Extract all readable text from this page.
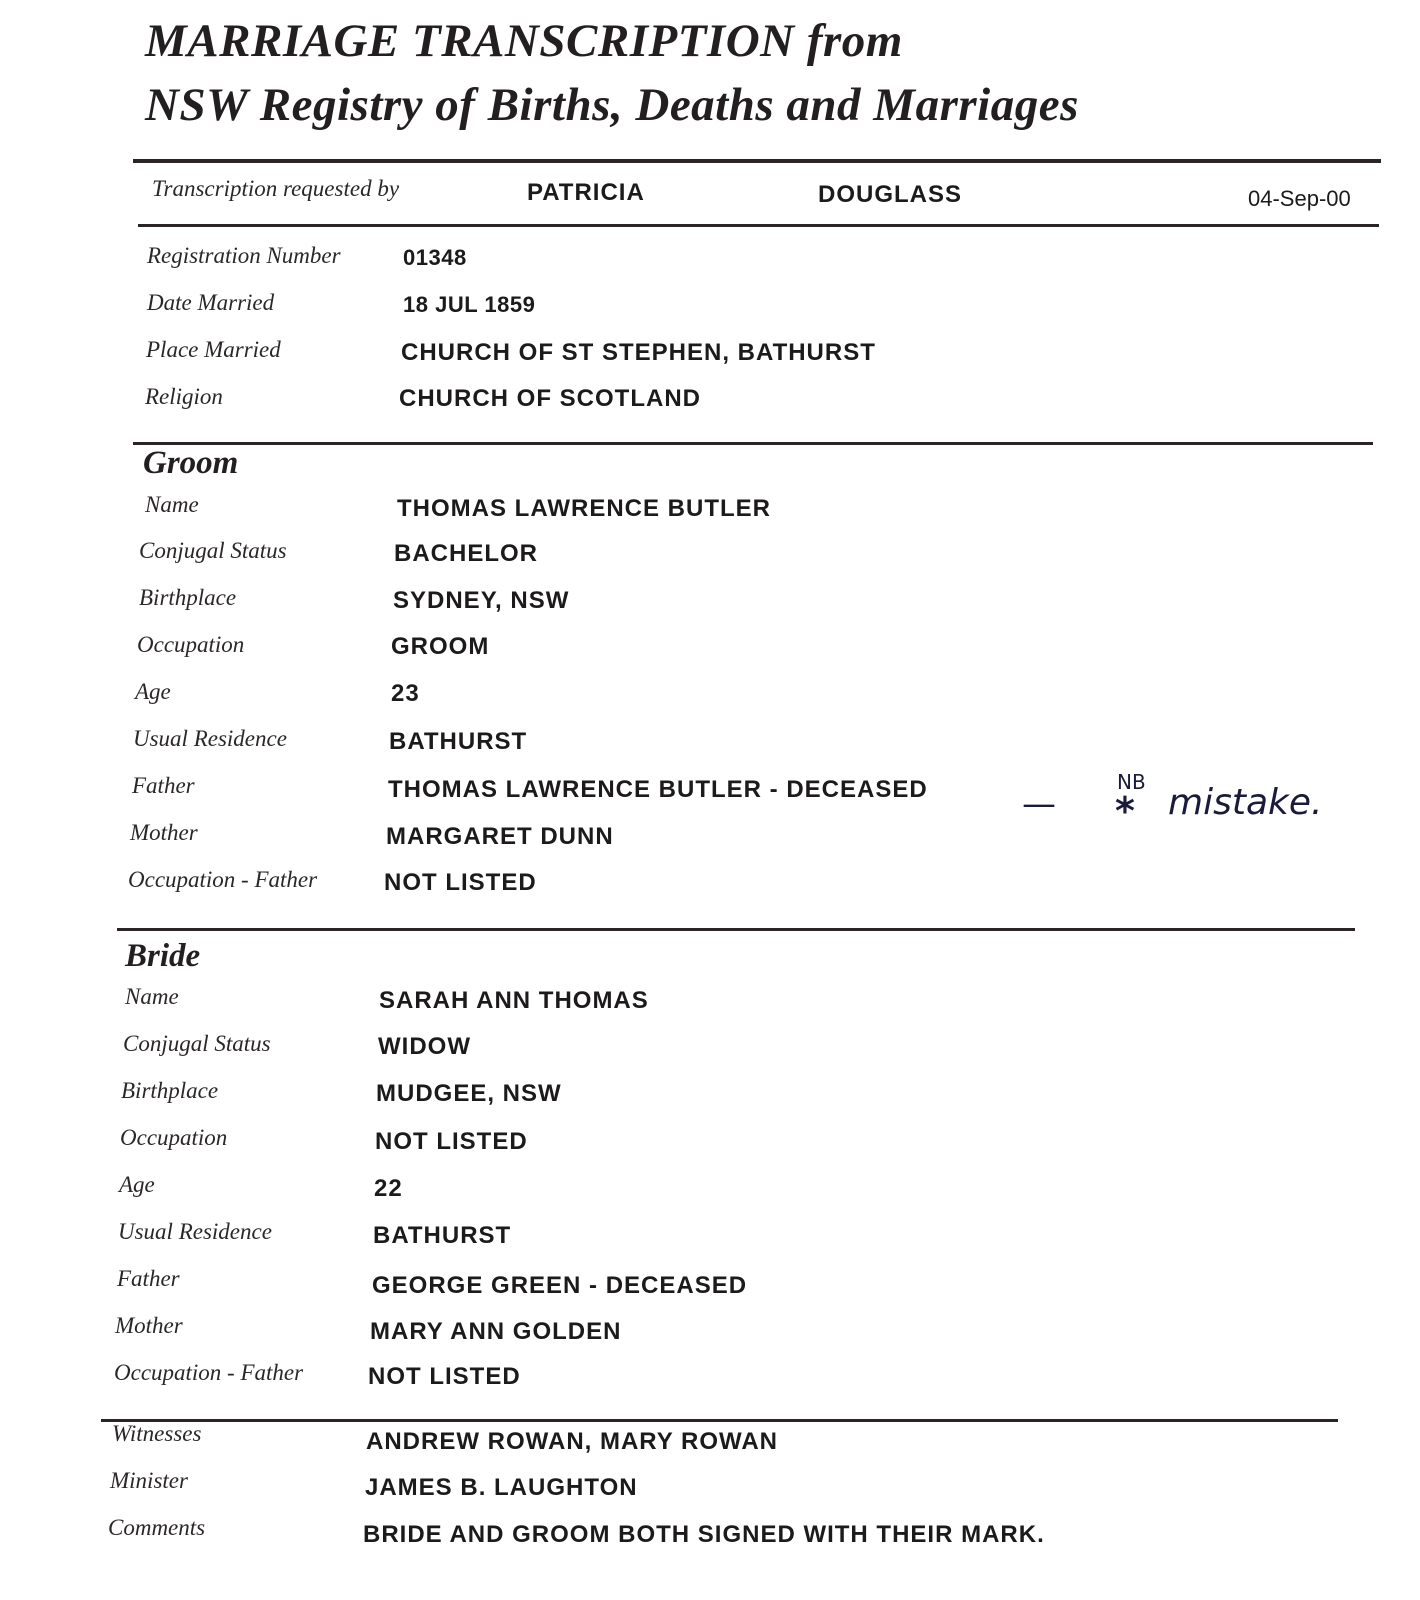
MARRIAGE TRANSCRIPTION from
NSW Registry of Births, Deaths and Marriages
Transcription requested by	PATRICIA	DOUGLASS	04-Sep-00
Registration Number	01348
Date Married	18 JUL 1859
Place Married	CHURCH OF ST STEPHEN, BATHURST
Religion	CHURCH OF SCOTLAND
Groom
Name	THOMAS LAWRENCE BUTLER
Conjugal Status	BACHELOR
Birthplace	SYDNEY, NSW
Occupation	GROOM
Age	23
Usual Residence	BATHURST
Father	THOMAS LAWRENCE BUTLER - DECEASED
Mother	MARGARET DUNN
Occupation - Father	NOT LISTED
—
NB
* mistake.
Bride
Name	SARAH ANN THOMAS
Conjugal Status	WIDOW
Birthplace	MUDGEE, NSW
Occupation	NOT LISTED
Age	22
Usual Residence	BATHURST
Father	GEORGE GREEN - DECEASED
Mother	MARY ANN GOLDEN
Occupation - Father	NOT LISTED
Witnesses	ANDREW ROWAN, MARY ROWAN
Minister	JAMES B. LAUGHTON
Comments	BRIDE AND GROOM BOTH SIGNED WITH THEIR MARK.
